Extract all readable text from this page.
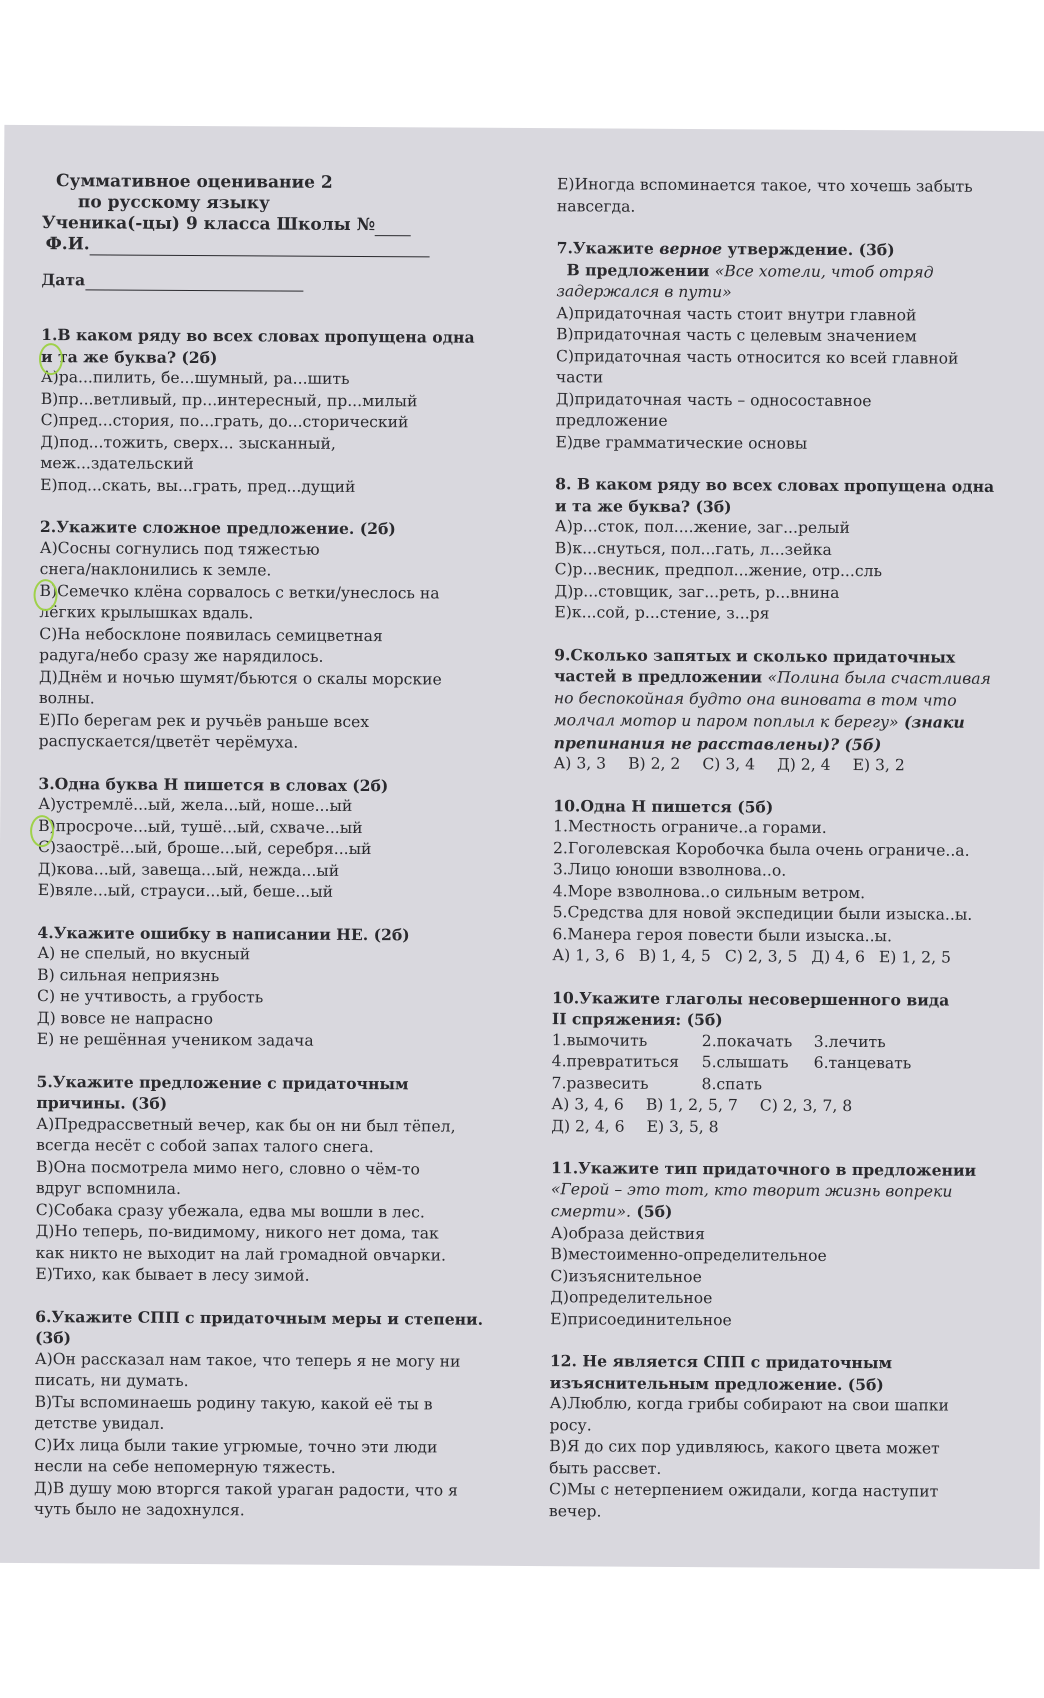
Суммативное оценивание 2
по русскому языку
Ученика(-цы) 9 класса Школы №
Ф.И.
Дата
1.В каком ряду во всех словах пропущена одна
и та же буква? (2б)
А)ра...пилить, бе...шумный, ра...шить
В)пр...ветливый, пр...интересный, пр...милый
С)пред...стория, по...грать, до...сторический
Д)под...тожить, сверх... зысканный,
меж...здательский
Е)под...скать, вы...грать, пред...дущий
2.Укажите сложное предложение. (2б)
А)Сосны согнулись под тяжестью
снега/наклонились к земле.
В)Семечко клёна сорвалось с ветки/унеслось на
лёгких крылышках вдаль.
С)На небосклоне появилась семицветная
радуга/небо сразу же нарядилось.
Д)Днём и ночью шумят/бьются о скалы морские
волны.
Е)По берегам рек и ручьёв раньше всех
распускается/цветёт черёмуха.
3.Одна буква Н пишется в словах (2б)
А)устремлё...ый, жела...ый, ноше...ый
В)просроче...ый, тушё...ый, схваче...ый
С)заострё...ый, броше...ый, серебря...ый
Д)кова...ый, завеща...ый, нежда...ый
Е)вяле...ый, страуси...ый, беше...ый
4.Укажите ошибку в написании НЕ. (2б)
А) не спелый, но вкусный
В) сильная неприязнь
С) не учтивость, а грубость
Д) вовсе не напрасно
Е) не решённая учеником задача
5.Укажите предложение с придаточным
причины. (3б)
А)Предрассветный вечер, как бы он ни был тёпел,
всегда несёт с собой запах талого снега.
В)Она посмотрела мимо него, словно о чём-то
вдруг вспомнила.
С)Собака сразу убежала, едва мы вошли в лес.
Д)Но теперь, по-видимому, никого нет дома, так
как никто не выходит на лай громадной овчарки.
Е)Тихо, как бывает в лесу зимой.
6.Укажите СПП с придаточным меры и степени.
(3б)
А)Он рассказал нам такое, что теперь я не могу ни
писать, ни думать.
В)Ты вспоминаешь родину такую, какой её ты в
детстве увидал.
С)Их лица были такие угрюмые, точно эти люди
несли на себе непомерную тяжесть.
Д)В душу мою вторгся такой ураган радости, что я
чуть было не задохнулся.
Е)Иногда вспоминается такое, что хочешь забыть
навсегда.
7.Укажите верное утверждение. (3б)
В предложении «Все хотели, чтоб отряд
задержался в пути»
А)придаточная часть стоит внутри главной
В)придаточная часть с целевым значением
С)придаточная часть относится ко всей главной
части
Д)придаточная часть – односоставное
предложение
Е)две грамматические основы
8. В каком ряду во всех словах пропущена одна
и та же буква? (3б)
А)р...сток, пол....жение, заг...релый
В)к...снуться, пол...гать, л...зейка
С)р...весник, предпол...жение, отр...сль
Д)р...стовщик, заг...реть, р...внина
Е)к...сой, р...стение, з...ря
9.Сколько запятых и сколько придаточных
частей в предложении «Полина была счастливая
но беспокойная будто она виновата в том что
молчал мотор и паром поплыл к берегу» (знаки
препинания не расставлены)? (5б)
А) 3, 3 В) 2, 2 С) 3, 4 Д) 2, 4 Е) 3, 2
10.Одна Н пишется (5б)
1.Местность ограниче..а горами.
2.Гоголевская Коробочка была очень ограниче..а.
3.Лицо юноши взволнова..о.
4.Море взволнова..о сильным ветром.
5.Средства для новой экспедиции были изыска..ы.
6.Манера героя повести были изыска..ы.
А) 1, 3, 6 В) 1, 4, 5 С) 2, 3, 5 Д) 4, 6 Е) 1, 2, 5
10.Укажите глаголы несовершенного вида
II спряжения: (5б)
1.вымочить	2.покачать	3.лечить
4.превратиться	5.слышать	6.танцевать
7.развесить	8.спать
А) 3, 4, 6 В) 1, 2, 5, 7 С) 2, 3, 7, 8
Д) 2, 4, 6 Е) 3, 5, 8
11.Укажите тип придаточного в предложении
«Герой – это тот, кто творит жизнь вопреки
смерти». (5б)
А)образа действия
В)местоименно-определительное
С)изъяснительное
Д)определительное
Е)присоединительное
12. Не является СПП с придаточным
изъяснительным предложение. (5б)
А)Люблю, когда грибы собирают на свои шапки
росу.
В)Я до сих пор удивляюсь, какого цвета может
быть рассвет.
С)Мы с нетерпением ожидали, когда наступит
вечер.
